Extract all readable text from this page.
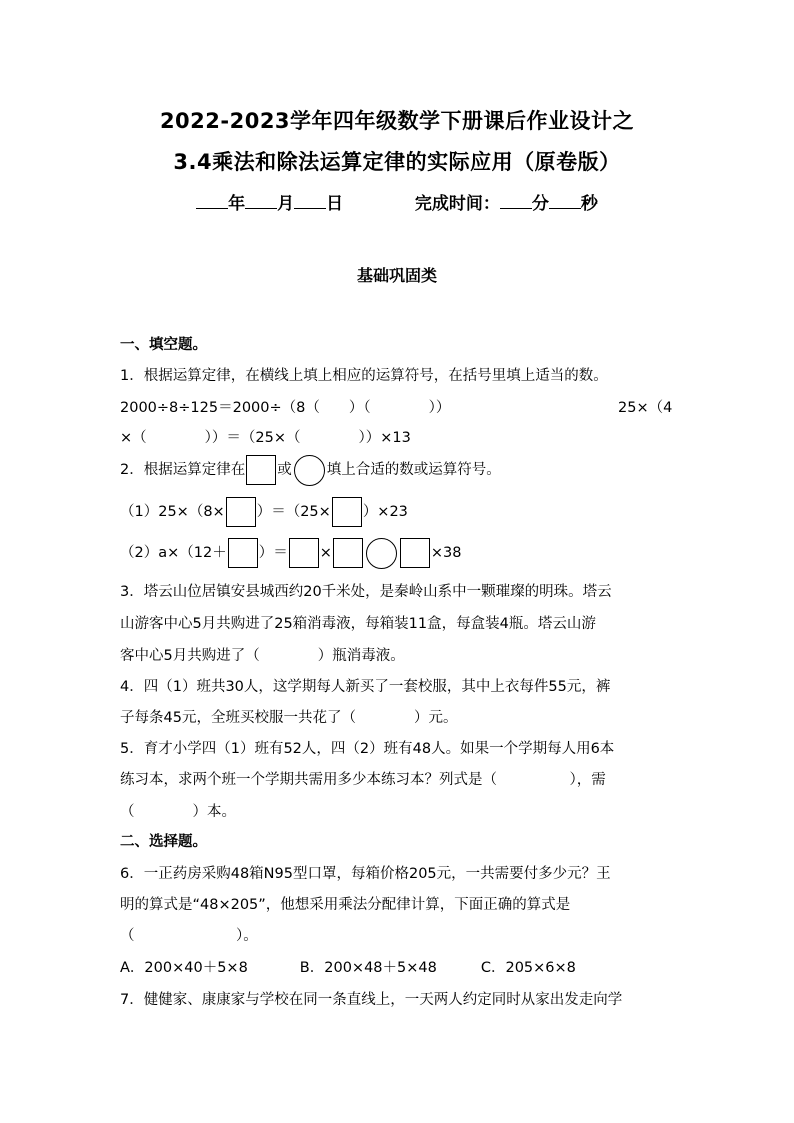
2022-2023学年四年级数学下册课后作业设计之
3.4乘法和除法运算定律的实际应用（原卷版）
年 月 日	完成时间： 分 秒
基础巩固类
一、填空题。
1．根据运算定律，在横线上填上相应的运算符号，在括号里填上适当的数。
2000÷8÷125＝2000÷（8（　　）（　　　　））	25×（4
×（　　　　））＝（25×（　　　　））×13
2．根据运算定律在 或 填上合适的数或运算符号。
（1）25×（8× ）＝（25× ）×23
（2）a×（12＋ ）＝ ×	×38
3．塔云山位居镇安县城西约20千米处，是秦岭山系中一颗璀璨的明珠。塔云
山游客中心5月共购进了25箱消毒液，每箱装11盒，每盒装4瓶。塔云山游
客中心5月共购进了（　　　　）瓶消毒液。
4．四（1）班共30人，这学期每人新买了一套校服，其中上衣每件55元，裤
子每条45元，全班买校服一共花了（　　　　）元。
5．育才小学四（1）班有52人，四（2）班有48人。如果一个学期每人用6本
练习本，求两个班一个学期共需用多少本练习本？列式是（　　　　　），需
（　　　　）本。
二、选择题。
6．一正药房采购48箱N95型口罩，每箱价格205元，一共需要付多少元？王
明的算式是“48×205”，他想采用乘法分配律计算，下面正确的算式是
（　　　　　　　）。
A．200×40＋5×8	B．200×48＋5×48	C．205×6×8
7．健健家、康康家与学校在同一条直线上，一天两人约定同时从家出发走向学
